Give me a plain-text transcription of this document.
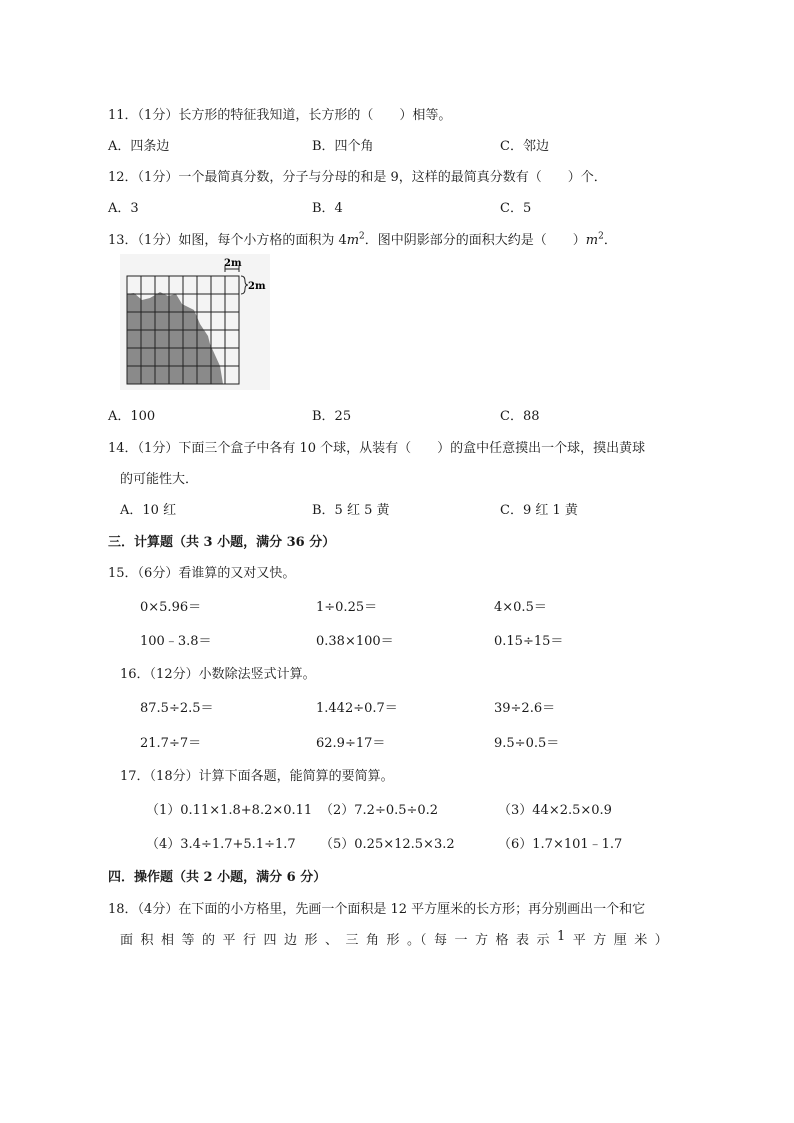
11．（1分）长方形的特征我知道，长方形的（　　）相等。
A．四条边	B．四个角	C．邻边
12．（1分）一个最简真分数，分子与分母的和是 9，这样的最简真分数有（　　）个．
A．3	B．4	C．5
13．（1分）如图，每个小方格的面积为 $4m^2$．图中阴影部分的面积大约是（　　）$m^2$．
2m
2m
A．100	B．25	C．88
14．（1分）下面三个盒子中各有 10 个球，从装有（　　）的盒中任意摸出一个球，摸出黄球
的可能性大．
A．10 红	B．5 红 5 黄	C．9 红 1 黄
三．计算题（共 3 小题，满分 36 分）
15．（6分）看谁算的又对又快。
0×5.96＝	1÷0.25＝	4×0.5＝
100﹣3.8＝	0.38×100＝	0.15÷15＝
16．（12分）小数除法竖式计算。
87.5÷2.5＝	1.442÷0.7＝	39÷2.6＝
21.7÷7＝	62.9÷17＝	9.5÷0.5＝
17．（18分）计算下面各题，能简算的要简算。
（1）0.11×1.8+8.2×0.11 （2）7.2÷0.5÷0.2	（3）44×2.5×0.9
（4）3.4÷1.7+5.1÷1.7 （5）0.25×12.5×3.2	（6）1.7×101﹣1.7
四．操作题（共 2 小题，满分 6 分）
18．（4分）在下面的小方格里，先画一个面积是 12 平方厘米的长方形；再分别画出一个和它
面 积 相 等 的 平 行 四 边 形 、 三 角 形 。（ 每 一 方 格 表 示 1 平 方 厘 米 ）
